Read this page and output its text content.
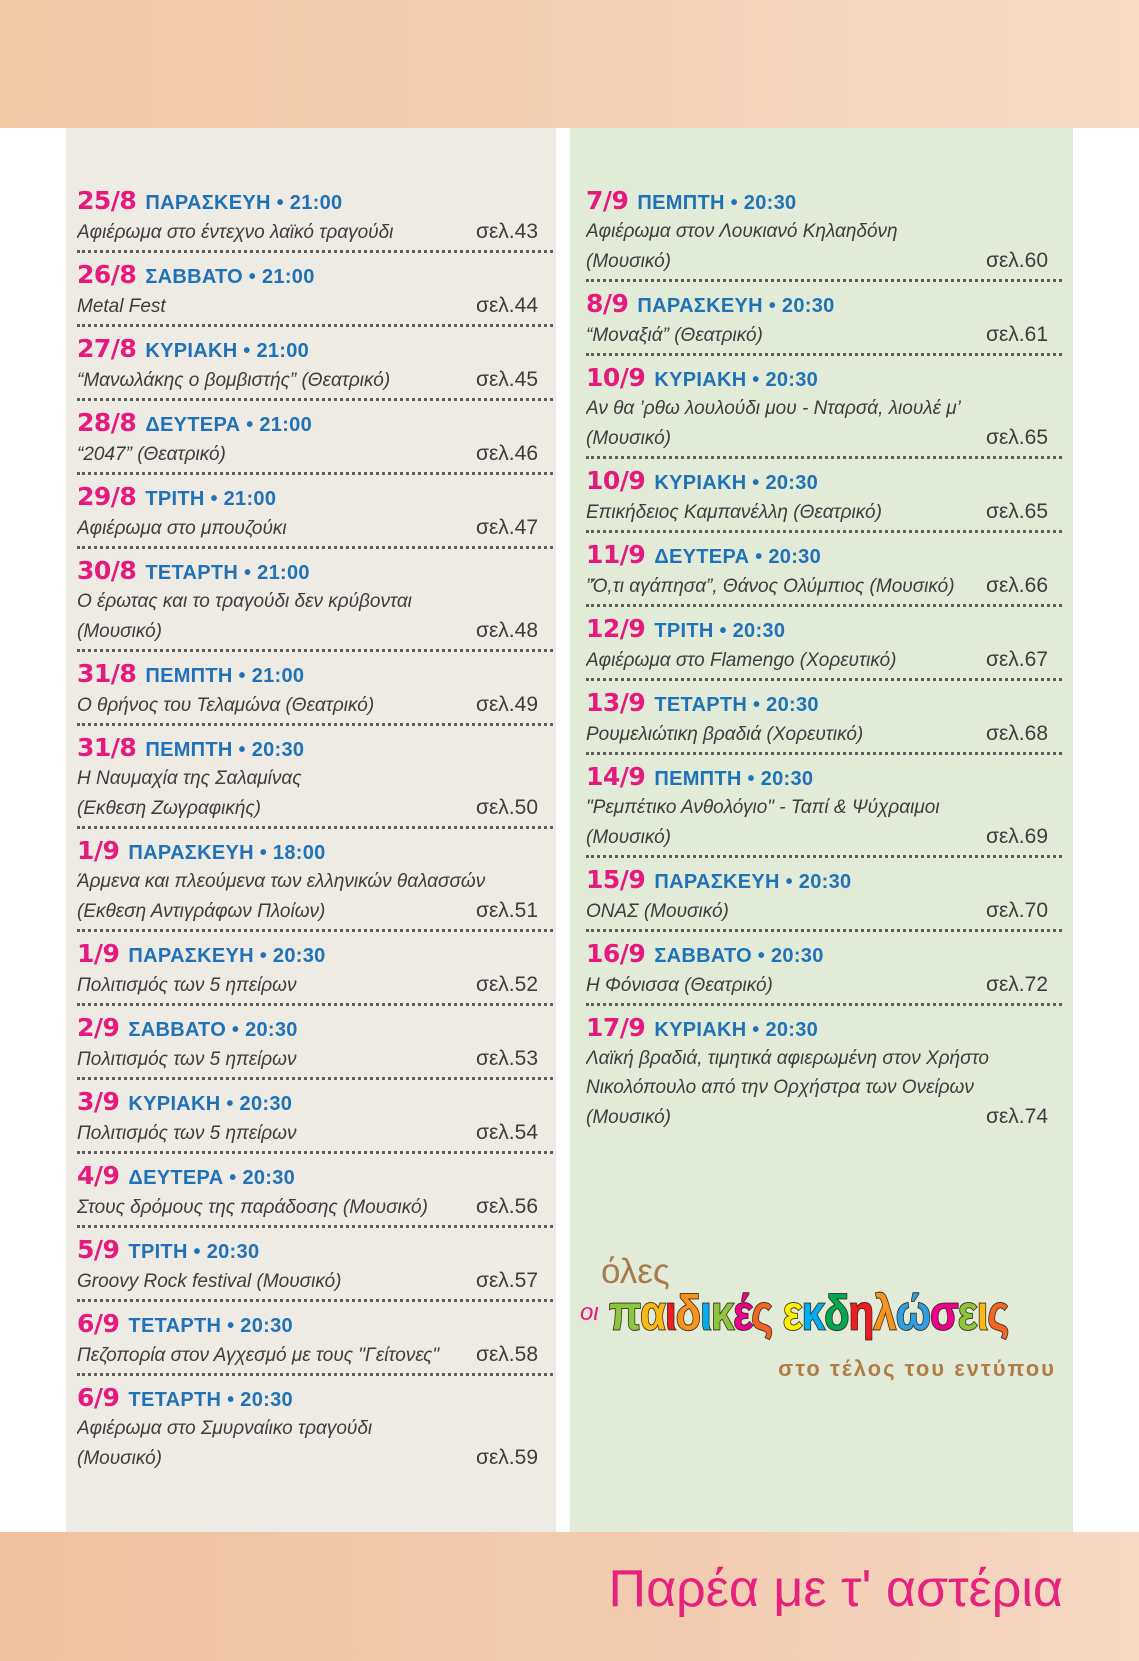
25/8 ΠΑΡΑΣΚΕΥΗ • 21:00
Αφιέρωμα στο έντεχνο λαϊκό τραγούδι	σελ.43
26/8 ΣΑΒΒΑΤΟ • 21:00
Metal Fest	σελ.44
27/8 ΚΥΡΙΑΚΗ • 21:00
“Μανωλάκης ο βομβιστής” (Θεατρικό)	σελ.45
28/8 ΔΕΥΤΕΡΑ • 21:00
“2047” (Θεατρικό)	σελ.46
29/8 ΤΡΙΤΗ • 21:00
Αφιέρωμα στο μπουζούκι	σελ.47
30/8 ΤΕΤΑΡΤΗ • 21:00
Ο έρωτας και το τραγούδι δεν κρύβονται
(Μουσικό)	σελ.48
31/8 ΠΕΜΠΤΗ • 21:00
Ο θρήνος του Τελαμώνα (Θεατρικό)	σελ.49
31/8 ΠΕΜΠΤΗ • 20:30
Η Ναυμαχία της Σαλαμίνας
(Εκθεση Ζωγραφικής)	σελ.50
1/9 ΠΑΡΑΣΚΕΥΗ • 18:00
Άρμενα και πλεούμενα των ελληνικών θαλασσών
(Εκθεση Αντιγράφων Πλοίων)	σελ.51
1/9 ΠΑΡΑΣΚΕΥΗ • 20:30
Πολιτισμός των 5 ηπείρων	σελ.52
2/9 ΣΑΒΒΑΤΟ • 20:30
Πολιτισμός των 5 ηπείρων	σελ.53
3/9 ΚΥΡΙΑΚΗ • 20:30
Πολιτισμός των 5 ηπείρων	σελ.54
4/9 ΔΕΥΤΕΡΑ • 20:30
Στους δρόμους της παράδοσης (Μουσικό)	σελ.56
5/9 ΤΡΙΤΗ • 20:30
Groovy Rock festival (Μουσικό)	σελ.57
6/9 ΤΕΤΑΡΤΗ • 20:30
Πεζοπορία στον Αγχεσμό με τους "Γείτονες"	σελ.58
6/9 ΤΕΤΑΡΤΗ • 20:30
Αφιέρωμα στο Σμυρναίικο τραγούδι
(Μουσικό)	σελ.59
7/9 ΠΕΜΠΤΗ • 20:30
Αφιέρωμα στον Λουκιανό Κηλαηδόνη
(Μουσικό)	σελ.60
8/9 ΠΑΡΑΣΚΕΥΗ • 20:30
“Μοναξιά” (Θεατρικό)	σελ.61
10/9 ΚΥΡΙΑΚΗ • 20:30
Αν θα ’ρθω λουλούδι μου - Νταρσά, λιουλέ μ’
(Μουσικό)	σελ.65
10/9 ΚΥΡΙΑΚΗ • 20:30
Επικήδειος Καμπανέλλη (Θεατρικό)	σελ.65
11/9 ΔΕΥΤΕΡΑ • 20:30
”Ό,τι αγάπησα”, Θάνος Ολύμπιος (Μουσικό)	σελ.66
12/9 ΤΡΙΤΗ • 20:30
Αφιέρωμα στο Flamengo (Χορευτικό)	σελ.67
13/9 ΤΕΤΑΡΤΗ • 20:30
Ρουμελιώτικη βραδιά (Χορευτικό)	σελ.68
14/9 ΠΕΜΠΤΗ • 20:30
"Ρεμπέτικο Ανθολόγιο" - Ταπί & Ψύχραιμοι
(Μουσικό)	σελ.69
15/9 ΠΑΡΑΣΚΕΥΗ • 20:30
ΟΝΑΣ (Μουσικό)	σελ.70
16/9 ΣΑΒΒΑΤΟ • 20:30
Η Φόνισσα (Θεατρικό)	σελ.72
17/9 ΚΥΡΙΑΚΗ • 20:30
Λαϊκή βραδιά, τιμητικά αφιερωμένη στον Χρήστο
Νικολόπουλο από την Ορχήστρα των Ονείρων
(Μουσικό)	σελ.74
όλες
οι παιδικές εκδηλώσεις
στο τέλος του εντύπου
Παρέα με τ' αστέρια
